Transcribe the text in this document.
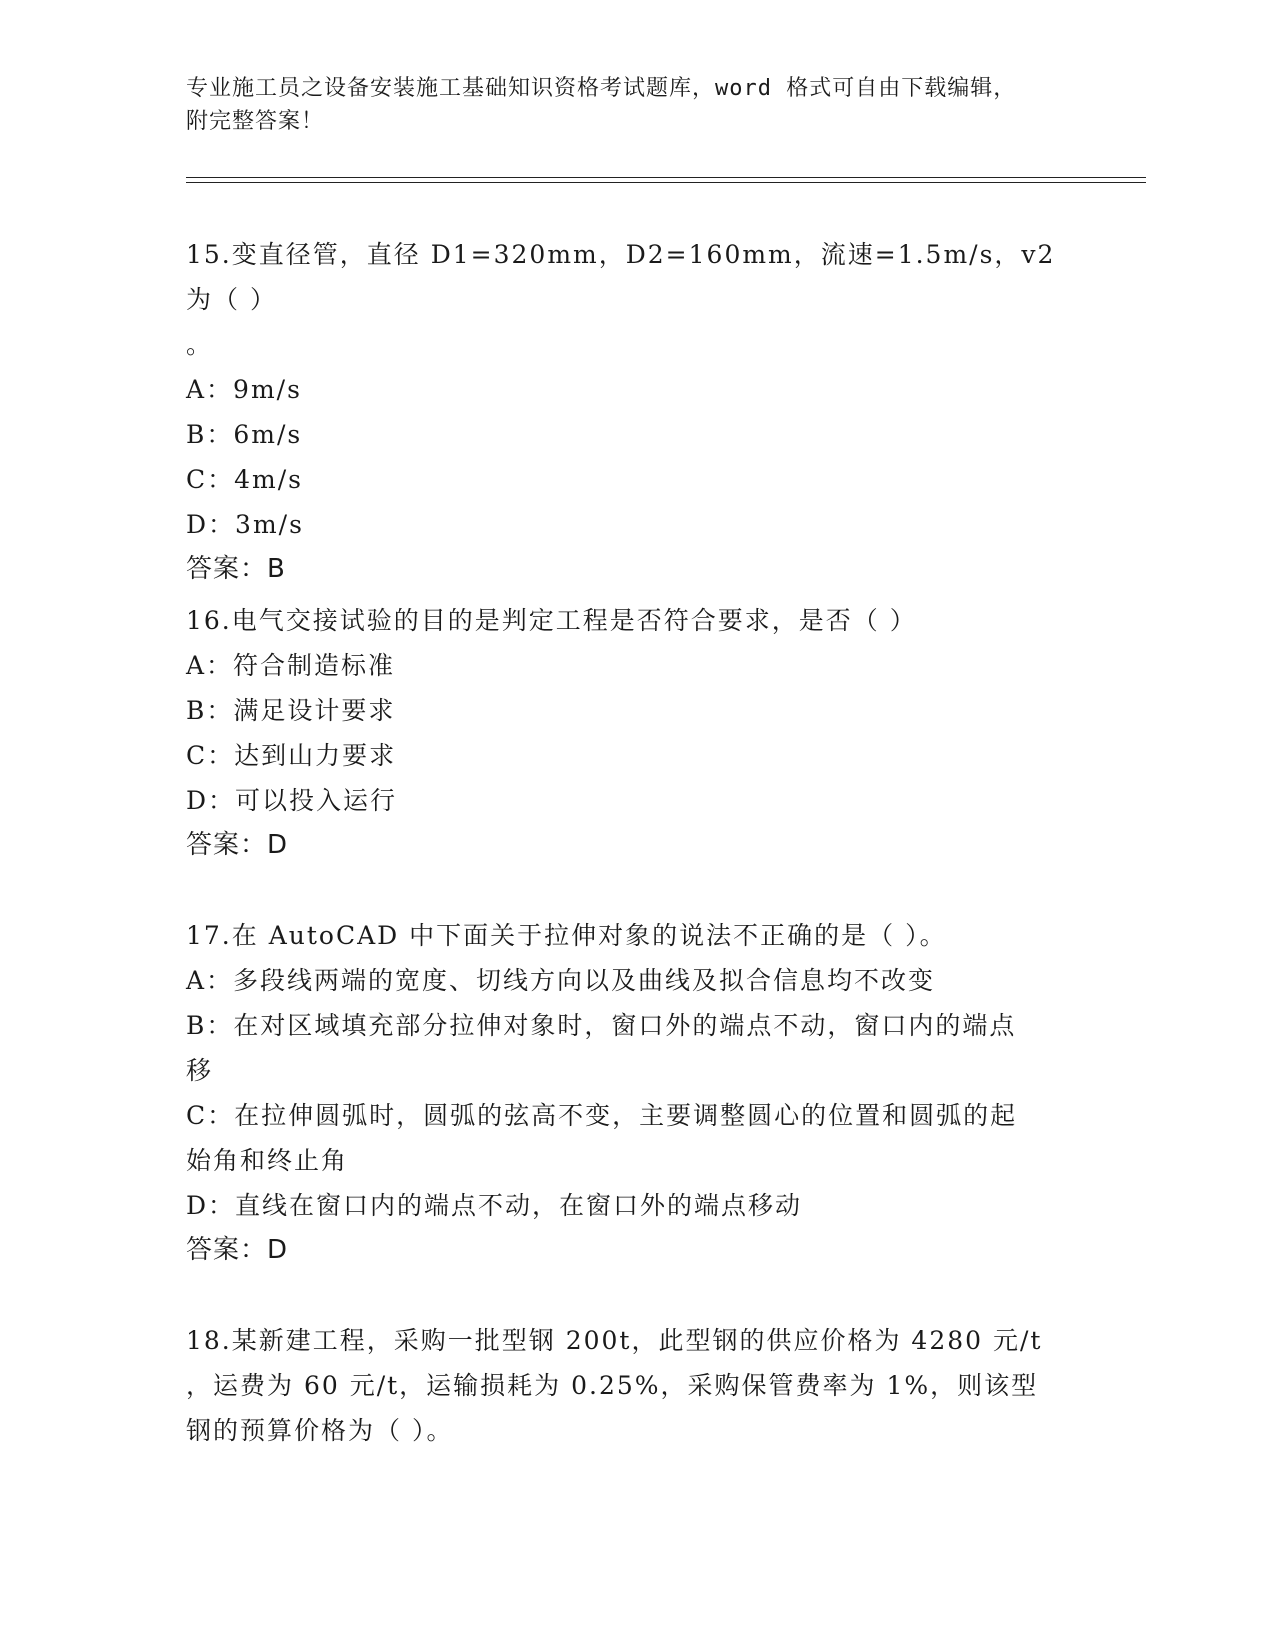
专业施工员之设备安装施工基础知识资格考试题库，word 格式可自由下载编辑，
附完整答案！

15.变直径管，直径 D1=320mm，D2=160mm，流速=1.5m/s，v2 为（ ）

。

A：9m/s

B：6m/s

C：4m/s

D：3m/s

答案：B

16.电气交接试验的目的是判定工程是否符合要求，是否（ ）

A：符合制造标准

B：满足设计要求

C：达到山力要求

D：可以投入运行

答案：D

17.在 AutoCAD 中下面关于拉伸对象的说法不正确的是（ ）。

A：多段线两端的宽度、切线方向以及曲线及拟合信息均不改变

B：在对区域填充部分拉伸对象时，窗口外的端点不动，窗口内的端点

移

C：在拉伸圆弧时，圆弧的弦高不变，主要调整圆心的位置和圆弧的起

始角和终止角

D：直线在窗口内的端点不动，在窗口外的端点移动

答案：D

18.某新建工程，采购一批型钢 200t，此型钢的供应价格为 4280 元/t

，运费为 60 元/t，运输损耗为 0.25%，采购保管费率为 1%，则该型

钢的预算价格为（ ）。
